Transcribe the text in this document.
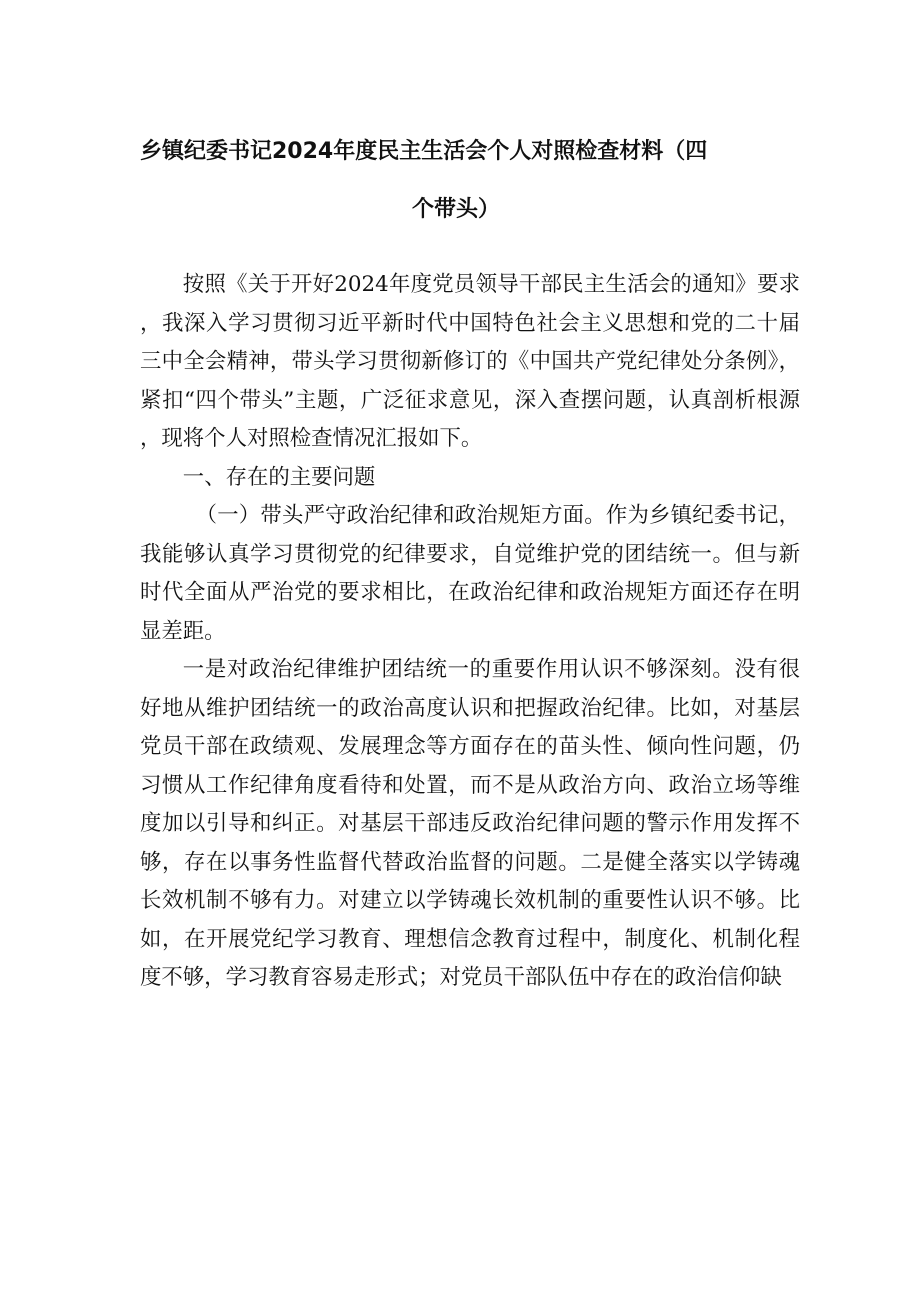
乡镇纪委书记2024年度民主生活会个人对照检查材料（四
个带头）

按照《关于开好2024年度党员领导干部民主生活会的通知》要求，我深入学习贯彻习近平新时代中国特色社会主义思想和党的二十届三中全会精神，带头学习贯彻新修订的《中国共产党纪律处分条例》，紧扣“四个带头”主题，广泛征求意见，深入查摆问题，认真剖析根源，现将个人对照检查情况汇报如下。

一、存在的主要问题

（一）带头严守政治纪律和政治规矩方面。作为乡镇纪委书记，我能够认真学习贯彻党的纪律要求，自觉维护党的团结统一。但与新时代全面从严治党的要求相比，在政治纪律和政治规矩方面还存在明显差距。

一是对政治纪律维护团结统一的重要作用认识不够深刻。没有很好地从维护团结统一的政治高度认识和把握政治纪律。比如，对基层党员干部在政绩观、发展理念等方面存在的苗头性、倾向性问题，仍习惯从工作纪律角度看待和处置，而不是从政治方向、政治立场等维度加以引导和纠正。对基层干部违反政治纪律问题的警示作用发挥不够，存在以事务性监督代替政治监督的问题。二是健全落实以学铸魂长效机制不够有力。对建立以学铸魂长效机制的重要性认识不够。比如，在开展党纪学习教育、理想信念教育过程中，制度化、机制化程度不够，学习教育容易走形式；对党员干部队伍中存在的政治信仰缺
